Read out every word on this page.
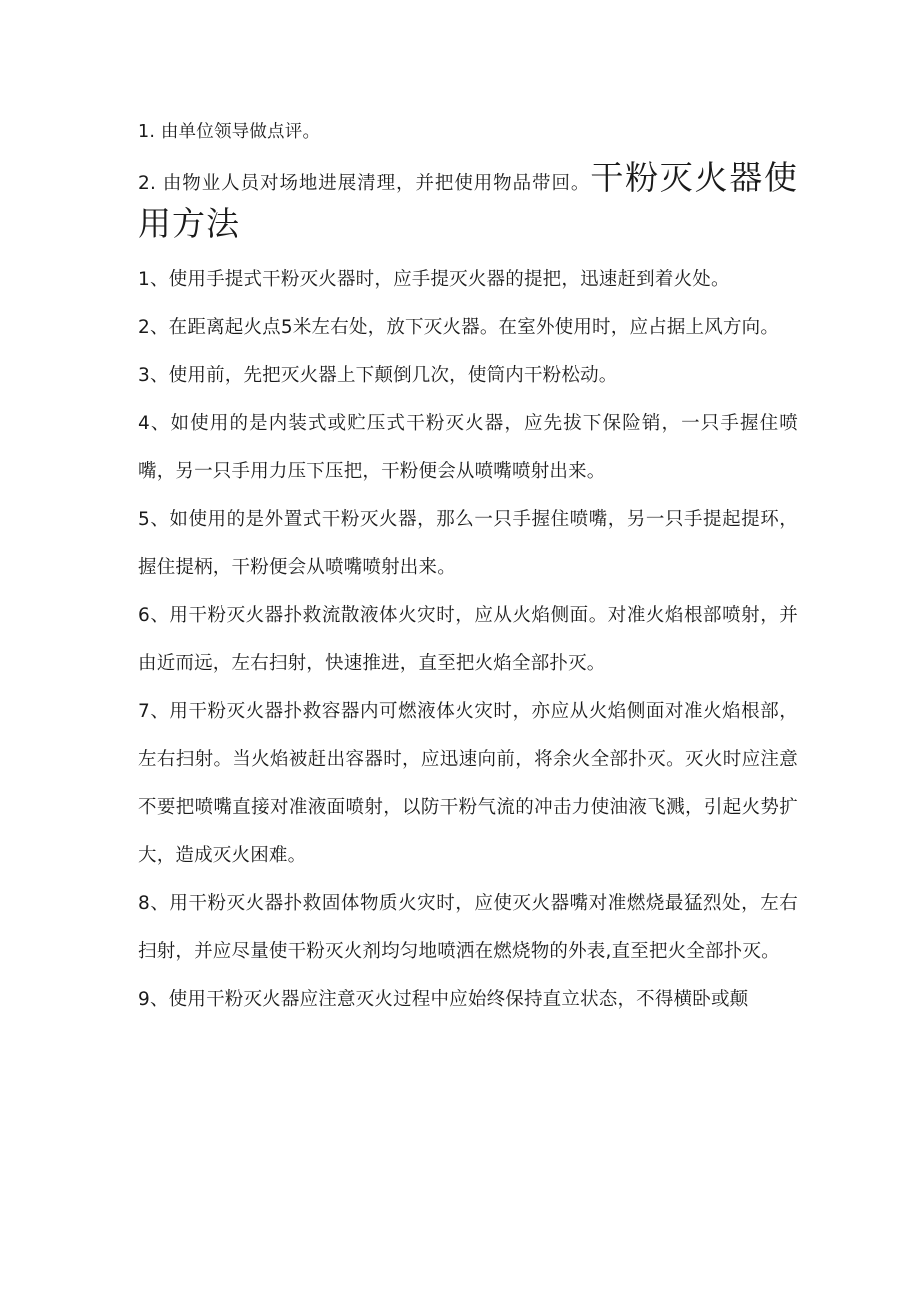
1. 由单位领导做点评。

2. 由物业人员对场地进展清理，并把使用物品带回。干粉灭火器使用方法

1、使用手提式干粉灭火器时，应手提灭火器的提把，迅速赶到着火处。

2、在距离起火点5米左右处，放下灭火器。在室外使用时，应占据上风方向。

3、使用前，先把灭火器上下颠倒几次，使筒内干粉松动。

4、如使用的是内装式或贮压式干粉灭火器，应先拔下保险销，一只手握住喷嘴，另一只手用力压下压把，干粉便会从喷嘴喷射出来。

5、如使用的是外置式干粉灭火器，那么一只手握住喷嘴，另一只手提起提环，握住提柄，干粉便会从喷嘴喷射出来。

6、用干粉灭火器扑救流散液体火灾时，应从火焰侧面。对准火焰根部喷射，并由近而远，左右扫射，快速推进，直至把火焰全部扑灭。

7、用干粉灭火器扑救容器内可燃液体火灾时，亦应从火焰侧面对准火焰根部，左右扫射。当火焰被赶出容器时，应迅速向前，将余火全部扑灭。灭火时应注意不要把喷嘴直接对准液面喷射，以防干粉气流的冲击力使油液飞溅，引起火势扩大，造成灭火困难。

8、用干粉灭火器扑救固体物质火灾时，应使灭火器嘴对准燃烧最猛烈处，左右扫射，并应尽量使干粉灭火剂均匀地喷洒在燃烧物的外表,直至把火全部扑灭。

9、使用干粉灭火器应注意灭火过程中应始终保持直立状态，不得横卧或颠
